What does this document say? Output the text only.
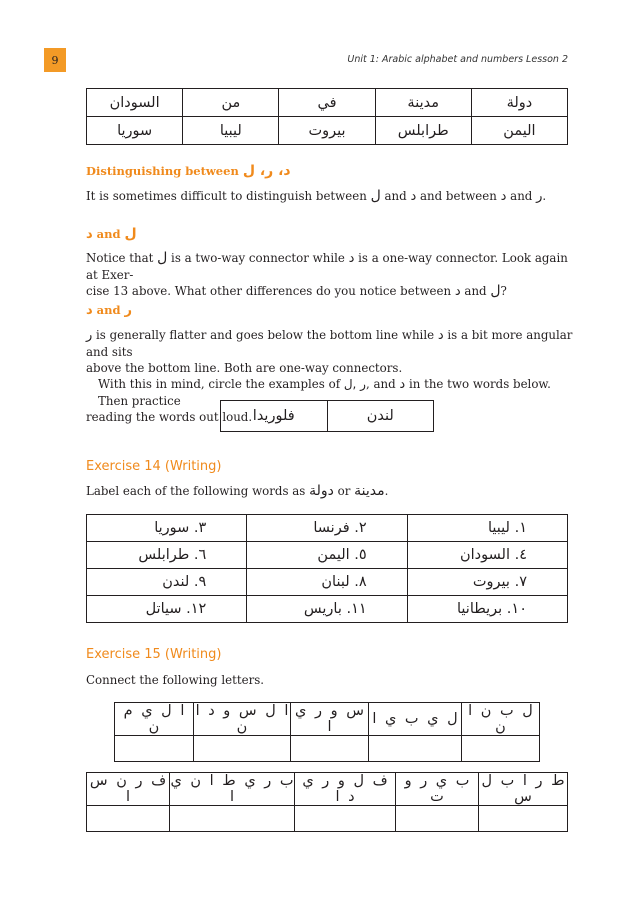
9	Unit 1: Arabic alphabet and numbers Lesson 2
دولة	مدينة	في	من	السودان
اليمن	طرابلس	بيروت	ليبيا	سوريا
Distinguishing between د، ر، ل
It is sometimes difficult to distinguish between ل and د and between د and ر.
د and ل
Notice that ل is a two-way connector while د is a one-way connector. Look again at Exer-
cise 13 above. What other differences do you notice between د and ل?
د and ر
ر is generally flatter and goes below the bottom line while د is a bit more angular and sits
above the bottom line. Both are one-way connectors.
With this in mind, circle the examples of ر ,ل, and د in the two words below. Then practice
reading the words out loud.	لندن	فلوريدا
Exercise 14 (Writing)
Label each of the following words as دولة or مدينة.
١. ليبيا	٢. فرنسا	٣. سوريا
٤. السودان	٥. اليمن	٦. طرابلس
٧. بيروت	٨. لبنان	٩. لندن
١٠. بريطانيا	١١. باريس	١٢. سياتل
Exercise 15 (Writing)
Connect the following letters.
ل ب ن ا ن	ل ي ب ي ا	س و ر ي ا	ا ل س و د ا ن	ا ل ي م ن

ط ر ا ب ل س	ب ي ر و ت	ف ل و ر ي د ا	ب ر ي ط ا ن ي ا	ف ر ن س ا
